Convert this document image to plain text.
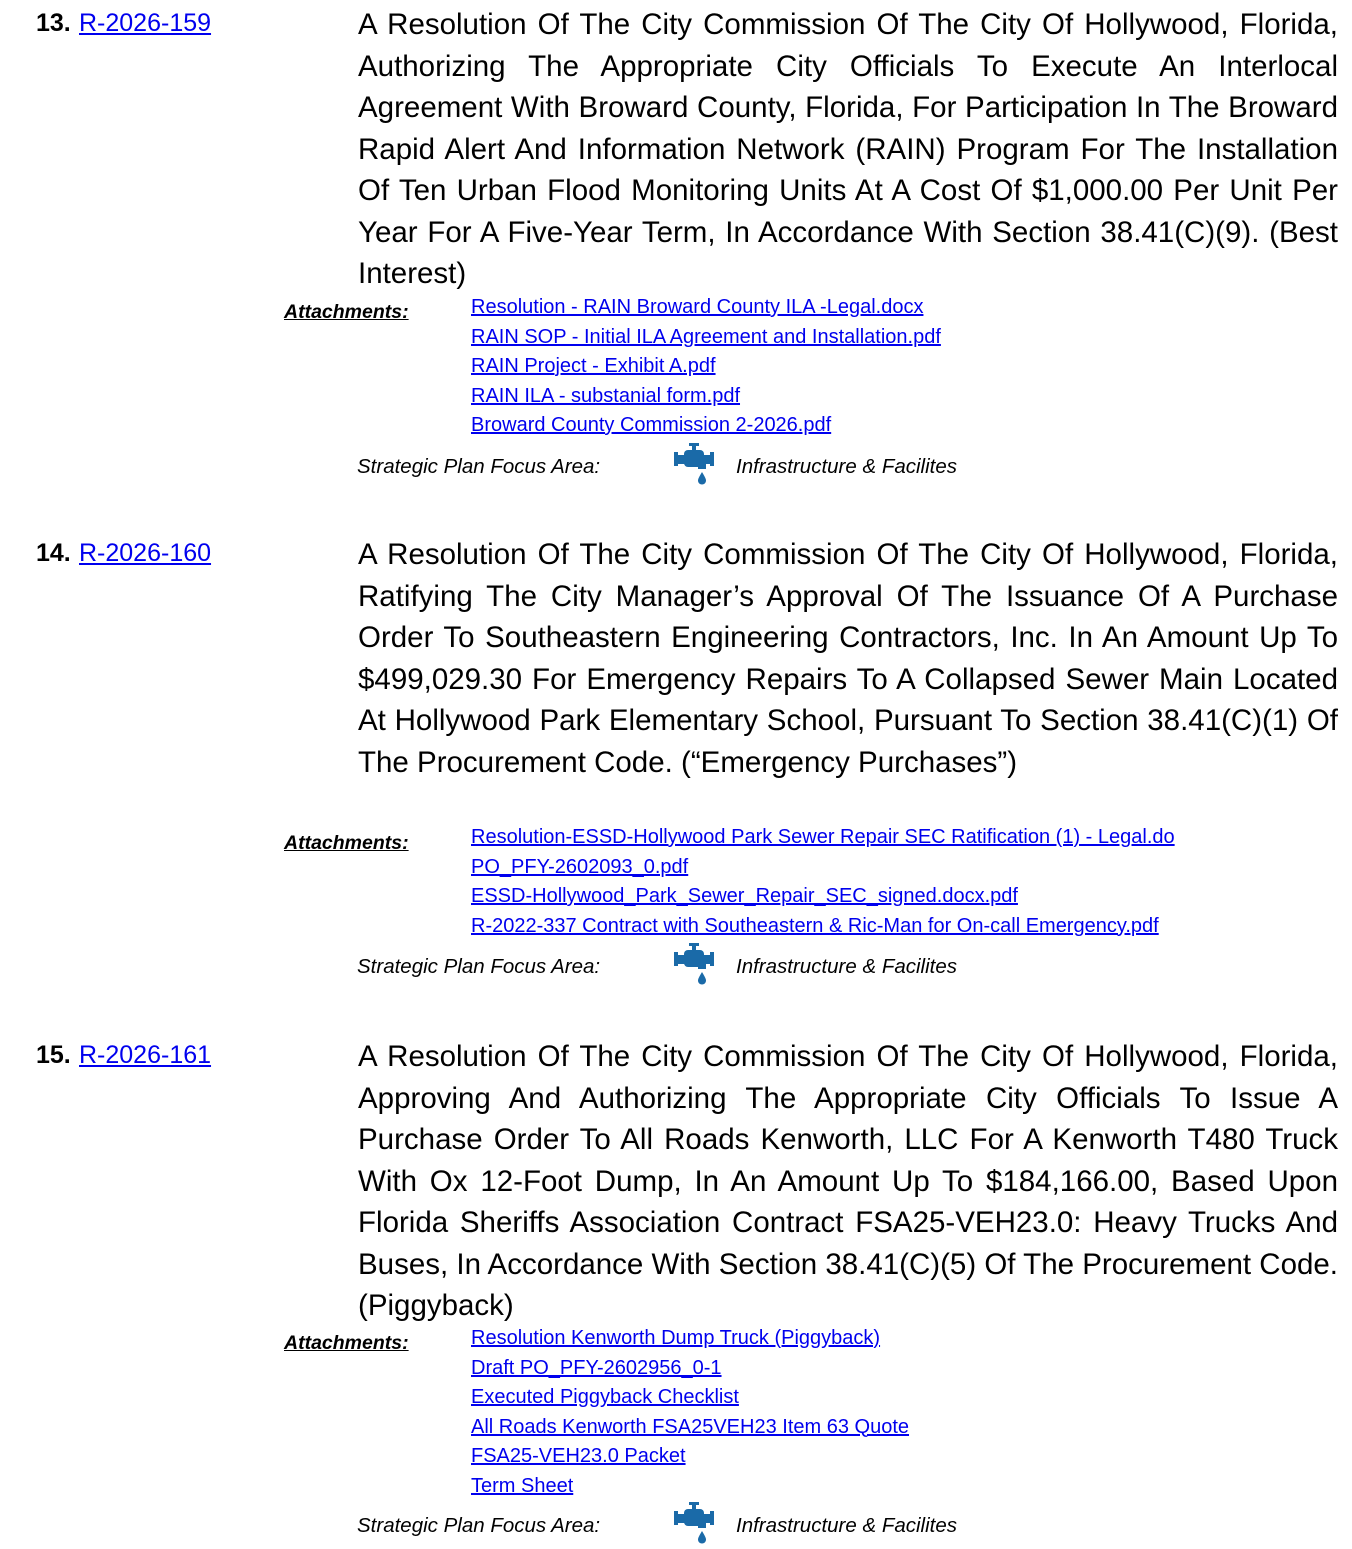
13. R-2026-159	A Resolution Of The City Commission Of The City Of Hollywood, Florida, Authorizing The Appropriate City Officials To Execute An Interlocal Agreement With Broward County, Florida, For Participation In The Broward Rapid Alert And Information Network (RAIN) Program For The Installation Of Ten Urban Flood Monitoring Units At A Cost Of $1,000.00 Per Unit Per Year For A Five-Year Term, In Accordance With Section 38.41(C)(9). (Best Interest)
Attachments:	Resolution - RAIN Broward County ILA -Legal.docx
RAIN SOP - Initial ILA Agreement and Installation.pdf
RAIN Project - Exhibit A.pdf
RAIN ILA - substanial form.pdf
Broward County Commission 2-2026.pdf
Strategic Plan Focus Area:	Infrastructure & Facilites
14. R-2026-160	A Resolution Of The City Commission Of The City Of Hollywood, Florida, Ratifying The City Manager’s Approval Of The Issuance Of A Purchase Order To Southeastern Engineering Contractors, Inc. In An Amount Up To $499,029.30 For Emergency Repairs To A Collapsed Sewer Main Located At Hollywood Park Elementary School, Pursuant To Section 38.41(C)(1) Of The Procurement Code. (“Emergency Purchases”)
Attachments:	Resolution-ESSD-Hollywood Park Sewer Repair SEC Ratification (1) - Legal.do
PO_PFY-2602093_0.pdf
ESSD-Hollywood_Park_Sewer_Repair_SEC_signed.docx.pdf
R-2022-337 Contract with Southeastern & Ric-Man for On-call Emergency.pdf
Strategic Plan Focus Area:	Infrastructure & Facilites
15. R-2026-161	A Resolution Of The City Commission Of The City Of Hollywood, Florida, Approving And Authorizing The Appropriate City Officials To Issue A Purchase Order To All Roads Kenworth, LLC For A Kenworth T480 Truck With Ox 12-Foot Dump, In An Amount Up To $184,166.00, Based Upon Florida Sheriffs Association Contract FSA25-VEH23.0: Heavy Trucks And Buses, In Accordance With Section 38.41(C)(5) Of The Procurement Code. (Piggyback)
Attachments:	Resolution Kenworth Dump Truck (Piggyback)
Draft PO_PFY-2602956_0-1
Executed Piggyback Checklist
All Roads Kenworth FSA25VEH23 Item 63 Quote
FSA25-VEH23.0 Packet
Term Sheet
Strategic Plan Focus Area:	Infrastructure & Facilites
